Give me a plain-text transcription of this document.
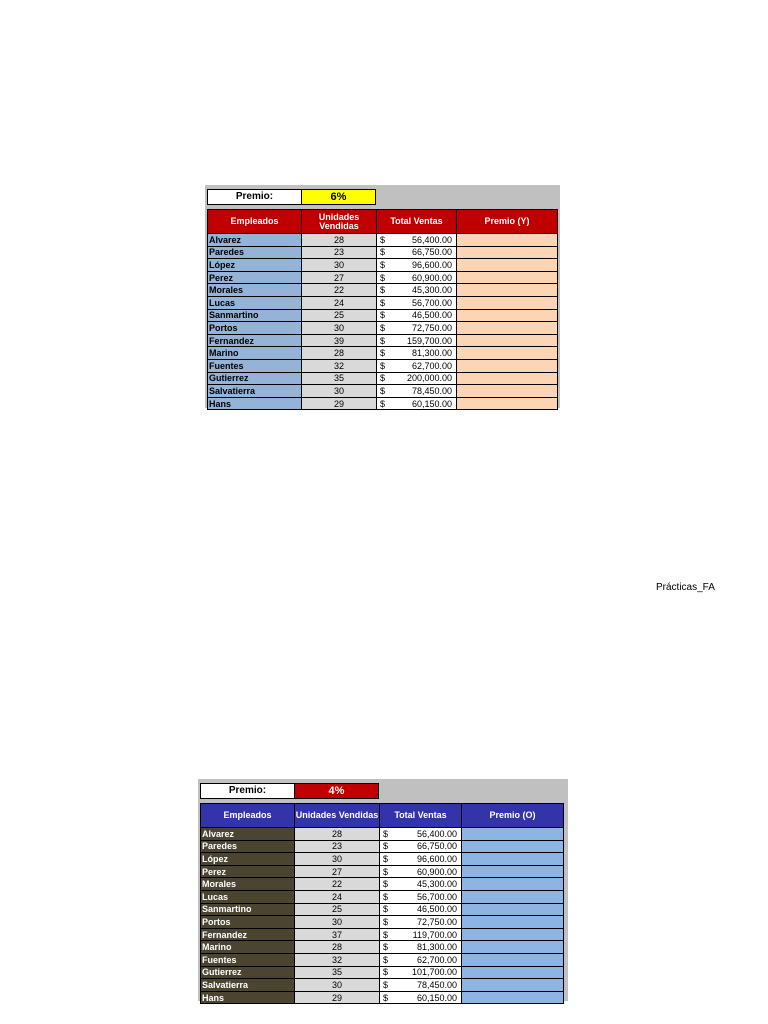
Premio:	6%
Empleados	Unidades Vendidas	Total Ventas	Premio (Y)
Alvarez	28	$ 56,400.00	

Paredes	23	$ 66,750.00	

López	30	$ 96,600.00	

Perez	27	$ 60,900.00	

Morales	22	$ 45,300.00	

Lucas	24	$ 56,700.00	

Sanmartino	25	$ 46,500.00	

Portos	30	$ 72,750.00	

Fernandez	39	$ 159,700.00	

Marino	28	$ 81,300.00	

Fuentes	32	$ 62,700.00	

Gutierrez	35	$ 200,000.00	

Salvatierra	30	$ 78,450.00	

Hans	29	$ 60,150.00	

Prácticas_FA
Premio:	4%
Empleados	Unidades Vendidas	Total Ventas	Premio (O)
Alvarez	28	$ 56,400.00	

Paredes	23	$ 66,750.00	

López	30	$ 96,600.00	

Perez	27	$ 60,900.00	

Morales	22	$ 45,300.00	

Lucas	24	$ 56,700.00	

Sanmartino	25	$ 46,500.00	

Portos	30	$ 72,750.00	

Fernandez	37	$ 119,700.00	

Marino	28	$ 81,300.00	

Fuentes	32	$ 62,700.00	

Gutierrez	35	$ 101,700.00	

Salvatierra	30	$ 78,450.00	

Hans	29	$ 60,150.00	
